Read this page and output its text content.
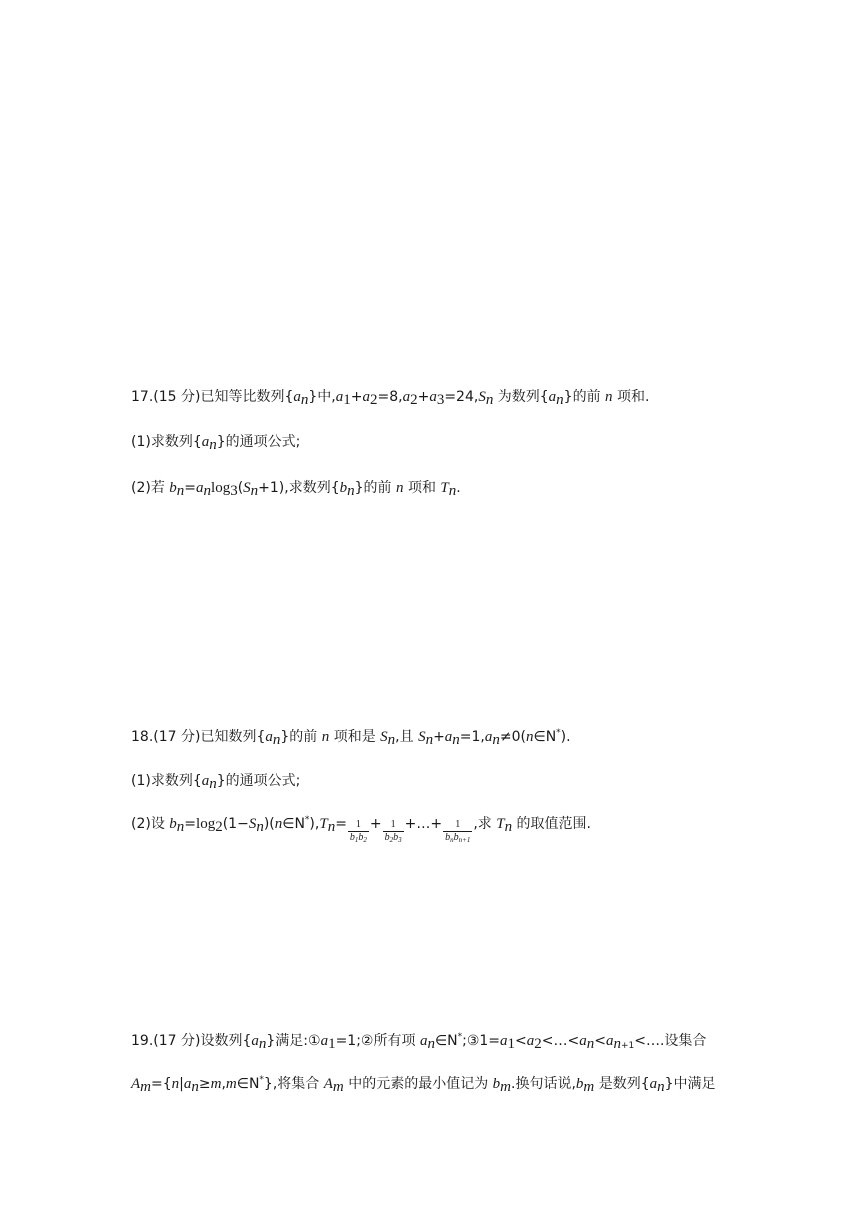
17.(15 分)已知等比数列$\{a_n\}$中$,a_1+a_2=8,a_2+a_3=24,S_n$ 为数列$\{a_n\}$的前 n 项和.
(1)求数列$\{a_n\}$的通项公式;
(2)若 $b_n=a_n\log_3(S_n+1)$,求数列$\{b_n\}$的前 n 项和 $T_n$.
18.(17 分)已知数列$\{a_n\}$的前 n 项和是 $S_n$,且 $S_n+a_n=1,a_n\ne 0(n\in N^*)$.
(1)求数列$\{a_n\}$的通项公式;
(2)设 $b_n=\log_2(1-S_n)(n\in N^*),T_n= \frac{1}{b_1b_2} + \frac{1}{b_2b_3}$ +…+ $\frac{1}{b_nb_{n+1}}$ ,求 $T_n$ 的取值范围.
19.(17 分)设数列$\{a_n\}$满足$:①a_1=1;②$所有项 $a_n\in N^*;③1=a_1<a_2<\dots<a_n<a_{n+1}<\dots$.设集合
$A_m=\{n|a_n\ge m,m\in N^*\}$,将集合 $A_m$ 中的元素的最小值记为 $b_m$.换句话说$,b_m$ 是数列$\{a_n\}$中满足
